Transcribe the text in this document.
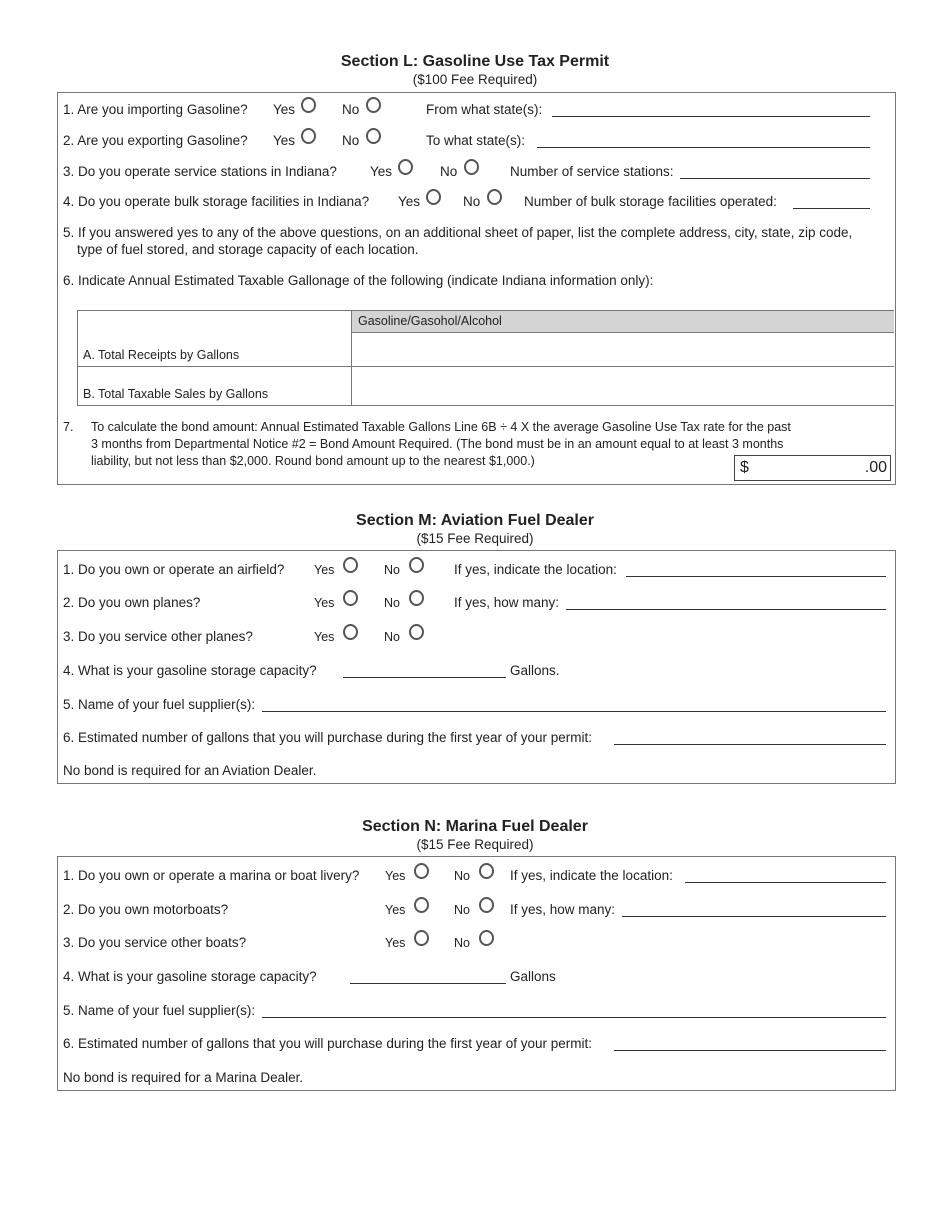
Section L: Gasoline Use Tax Permit
($100 Fee Required)
1. Are you importing Gasoline? Yes	No	From what state(s):
2. Are you exporting Gasoline? Yes	No	To what state(s):
3. Do you operate service stations in Indiana? Yes	No	Number of service stations:
4. Do you operate bulk storage facilities in Indiana? Yes	No	Number of bulk storage facilities operated:
5. If you answered yes to any of the above questions, on an additional sheet of paper, list the complete address, city, state, zip code,
type of fuel stored, and storage capacity of each location.
6. Indicate Annual Estimated Taxable Gallonage of the following (indicate Indiana information only):
Gasoline/Gasohol/Alcohol
A. Total Receipts by Gallons
B. Total Taxable Sales by Gallons
7. To calculate the bond amount: Annual Estimated Taxable Gallons Line 6B ÷ 4 X the average Gasoline Use Tax rate for the past
3 months from Departmental Notice #2 = Bond Amount Required. (The bond must be in an amount equal to at least 3 months
liability, but not less than $2,000. Round bond amount up to the nearest $1,000.)	$	.00
Section M: Aviation Fuel Dealer
($15 Fee Required)
1. Do you own or operate an airfield? Yes	No	If yes, indicate the location:
2. Do you own planes?	Yes	No	If yes, how many:
3. Do you service other planes?	Yes	No
4. What is your gasoline storage capacity?	Gallons.
5. Name of your fuel supplier(s):
6. Estimated number of gallons that you will purchase during the first year of your permit:
No bond is required for an Aviation Dealer.
Section N: Marina Fuel Dealer
($15 Fee Required)
1. Do you own or operate a marina or boat livery? Yes	No	If yes, indicate the location:
2. Do you own motorboats?	Yes	No	If yes, how many:
3. Do you service other boats?	Yes	No
4. What is your gasoline storage capacity?	Gallons
5. Name of your fuel supplier(s):
6. Estimated number of gallons that you will purchase during the first year of your permit:
No bond is required for a Marina Dealer.
